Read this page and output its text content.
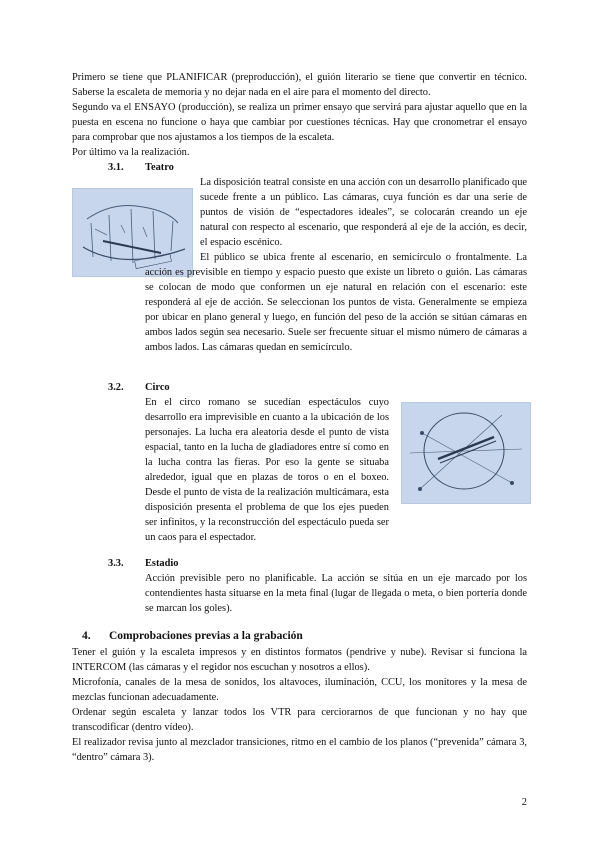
Primero se tiene que PLANIFICAR (preproducción), el guión literario se tiene que convertir en técnico. Saberse la escaleta de memoria y no dejar nada en el aire para el momento del directo.

Segundo va el ENSAYO (producción), se realiza un primer ensayo que servirá para ajustar aquello que en la puesta en escena no funcione o haya que cambiar por cuestiones técnicas. Hay que cronometrar el ensayo para comprobar que nos ajustamos a los tiempos de la escaleta.

Por último va la realización.

3.1. Teatro

La disposición teatral consiste en una acción con un desarrollo planificado que sucede frente a un público. Las cámaras, cuya función es dar una serie de puntos de visión de “espectadores ideales”, se colocarán creando un eje natural con respecto al escenario, que responderá al eje de la acción, es decir, el espacio escénico.

El público se ubica frente al escenario, en semicírculo o frontalmente. La acción es previsible en tiempo y espacio puesto que existe un libreto o guión. Las cámaras se colocan de modo que conformen un eje natural en relación con el escenario: este responderá al eje de acción. Se seleccionan los puntos de vista. Generalmente se empieza por ubicar en plano general y luego, en función del peso de la acción se sitúan cámaras en ambos lados según sea necesario. Suele ser frecuente situar el mismo número de cámaras a ambos lados. Las cámaras quedan en semicírculo.

3.2. Circo

En el circo romano se sucedían espectáculos cuyo desarrollo era imprevisible en cuanto a la ubicación de los personajes. La lucha era aleatoria desde el punto de vista espacial, tanto en la lucha de gladiadores entre sí como en la lucha contra las fieras. Por eso la gente se situaba alrededor, igual que en plazas de toros o en el boxeo. Desde el punto de vista de la realización multicámara, esta disposición presenta el problema de que los ejes pueden ser infinitos, y la reconstrucción del espectáculo pueda ser un caos para el espectador.

3.3. Estadio

Acción previsible pero no planificable. La acción se sitúa en un eje marcado por los contendientes hasta situarse en la meta final (lugar de llegada o meta, o bien portería donde se marcan los goles).

4. Comprobaciones previas a la grabación

Tener el guión y la escaleta impresos y en distintos formatos (pendrive y nube). Revisar si funciona la INTERCOM (las cámaras y el regidor nos escuchan y nosotros a ellos).

Microfonía, canales de la mesa de sonidos, los altavoces, iluminación, CCU, los monitores y la mesa de mezclas funcionan adecuadamente.

Ordenar según escaleta y lanzar todos los VTR para cerciorarnos de que funcionan y no hay que transcodificar (dentro vídeo).

El realizador revisa junto al mezclador transiciones, ritmo en el cambio de los planos (“prevenida” cámara 3, “dentro” cámara 3).

2
